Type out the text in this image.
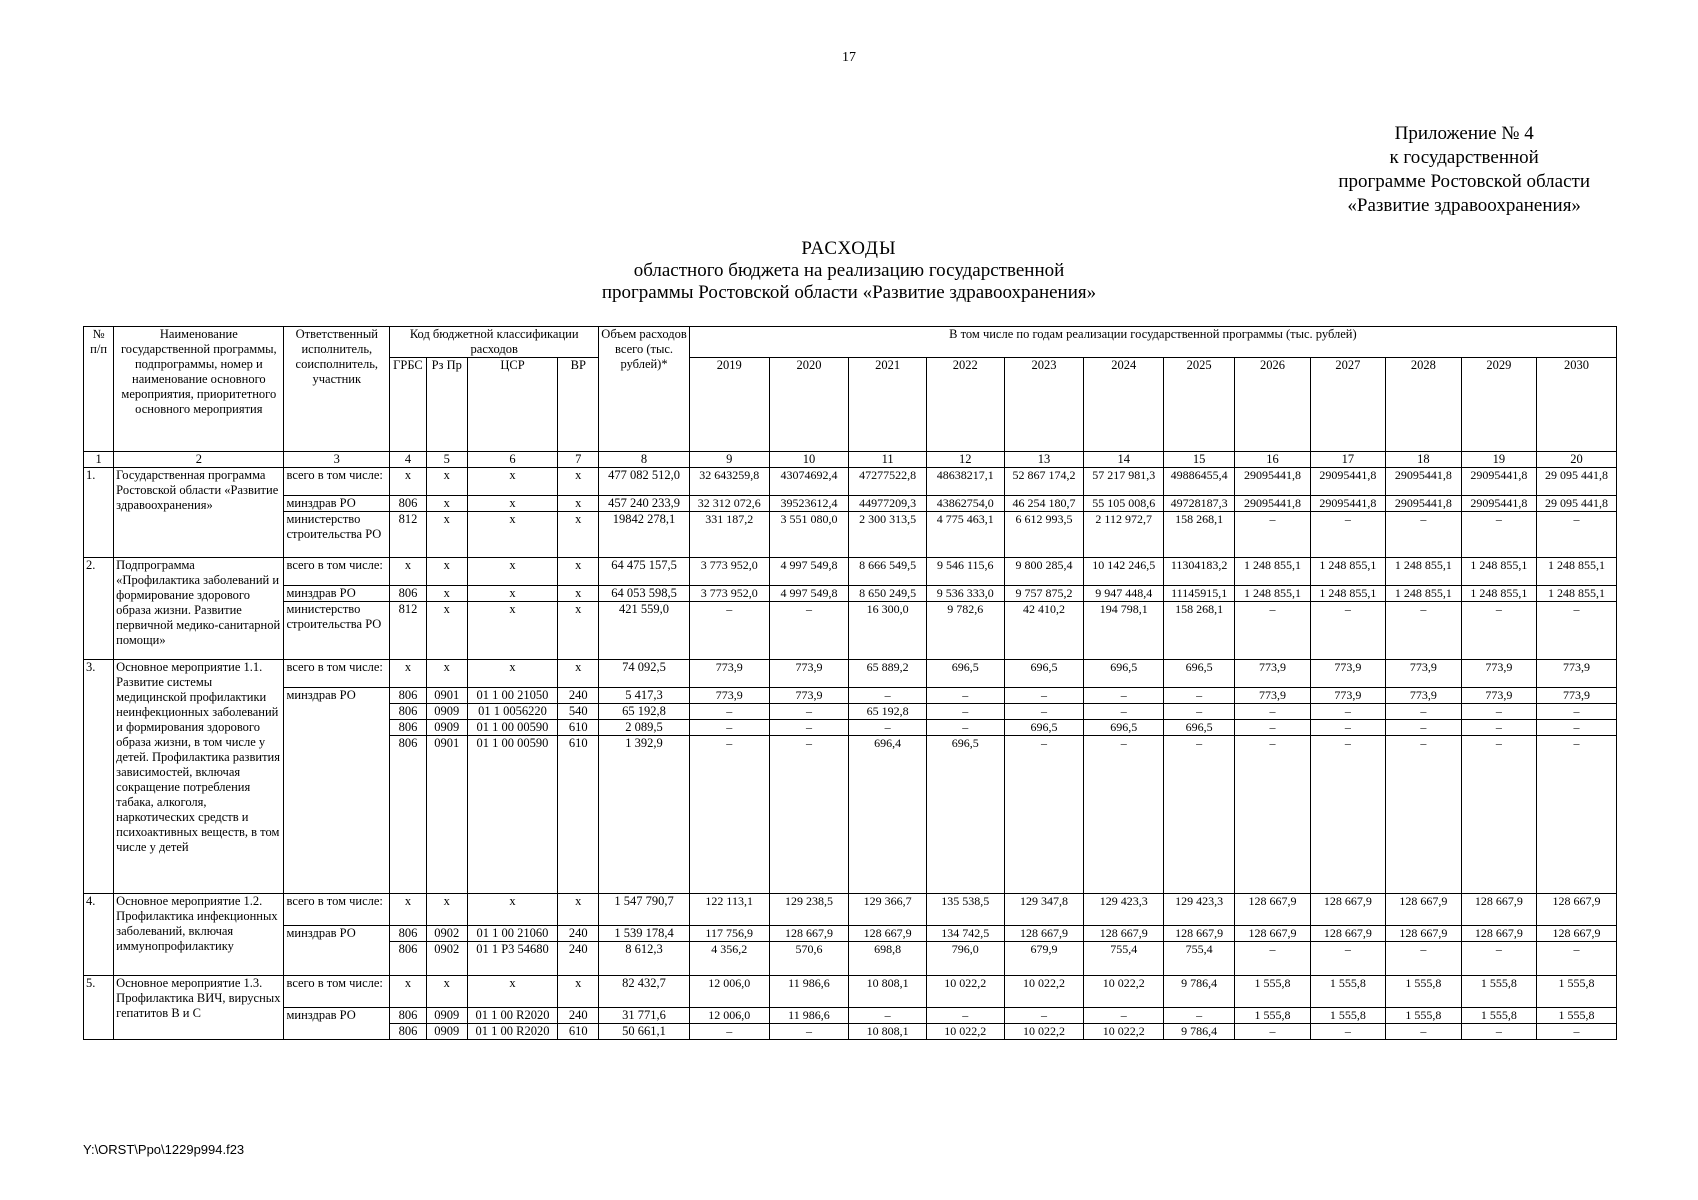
17
Приложение № 4
к государственной
программе Ростовской области
«Развитие здравоохранения»
РАСХОДЫ
областного бюджета на реализацию государственной
программы Ростовской области «Развитие здравоохранения»
№ п/п	Наименование государственной программы, подпрограммы, номер и наименование основного мероприятия, приоритетного основного мероприятия	Ответственный исполнитель, соисполнитель, участник	Код бюджетной классификации расходов				Объем расходов всего (тыс. рублей)*	В том числе по годам реализации государственной программы (тыс. рублей)											
			ГРБС	Рз Пр	ЦСР	ВР		2019	2020	2021	2022	2023	2024	2025	2026	2027	2028	2029	2030
1	2	3	4	5	6	7	8	9	10	11	12	13	14	15	16	17	18	19	20
1.	Государственная программа Ростовской области «Развитие здравоохранения»	всего в том числе:	x	x	x	x	477 082 512,0	32 643259,8	43074692,4	47277522,8	48638217,1	52 867 174,2	57 217 981,3	49886455,4	29095441,8	29095441,8	29095441,8	29095441,8	29 095 441,8
		минздрав РО	806	x	x	x	457 240 233,9	32 312 072,6	39523612,4	44977209,3	43862754,0	46 254 180,7	55 105 008,6	49728187,3	29095441,8	29095441,8	29095441,8	29095441,8	29 095 441,8
		министерство строительства РО	812	x	x	x	19842 278,1	331 187,2	3 551 080,0	2 300 313,5	4 775 463,1	6 612 993,5	2 112 972,7	158 268,1	–	–	–	–	–
2.	Подпрограмма «Профилактика заболеваний и формирование здорового образа жизни. Развитие первичной медико-санитарной помощи»	всего в том числе:	x	x	x	x	64 475 157,5	3 773 952,0	4 997 549,8	8 666 549,5	9 546 115,6	9 800 285,4	10 142 246,5	11304183,2	1 248 855,1	1 248 855,1	1 248 855,1	1 248 855,1	1 248 855,1
		минздрав РО	806	x	x	x	64 053 598,5	3 773 952,0	4 997 549,8	8 650 249,5	9 536 333,0	9 757 875,2	9 947 448,4	11145915,1	1 248 855,1	1 248 855,1	1 248 855,1	1 248 855,1	1 248 855,1
		министерство строительства РО	812	x	x	x	421 559,0	–	–	16 300,0	9 782,6	42 410,2	194 798,1	158 268,1	–	–	–	–	–
3.	Основное мероприятие 1.1. Развитие системы медицинской профилактики неинфекционных заболеваний и формирования здорового образа жизни, в том числе у детей. Профилактика развития зависимостей, включая сокращение потребления табака, алкоголя, наркотических средств и психоактивных веществ, в том числе у детей	всего в том числе:	x	x	x	x	74 092,5	773,9	773,9	65 889,2	696,5	696,5	696,5	696,5	773,9	773,9	773,9	773,9	773,9
		минздрав РО	806	0901	01 1 00 21050	240	5 417,3	773,9	773,9	–	–	–	–	–	773,9	773,9	773,9	773,9	773,9
			806	0909	01 1 0056220	540	65 192,8	–	–	65 192,8	–	–	–	–	–	–	–	–	–
			806	0909	01 1 00 00590	610	2 089,5	–	–	–	–	696,5	696,5	696,5	–	–	–	–	–
			806	0901	01 1 00 00590	610	1 392,9	–	–	696,4	696,5	–	–	–	–	–	–	–	–
4.	Основное мероприятие 1.2. Профилактика инфекционных заболеваний, включая иммунопрофилактику	всего в том числе:	x	x	x	x	1 547 790,7	122 113,1	129 238,5	129 366,7	135 538,5	129 347,8	129 423,3	129 423,3	128 667,9	128 667,9	128 667,9	128 667,9	128 667,9
		минздрав РО	806	0902	01 1 00 21060	240	1 539 178,4	117 756,9	128 667,9	128 667,9	134 742,5	128 667,9	128 667,9	128 667,9	128 667,9	128 667,9	128 667,9	128 667,9	128 667,9
			806	0902	01 1 P3 54680	240	8 612,3	4 356,2	570,6	698,8	796,0	679,9	755,4	755,4	–	–	–	–	–
5.	Основное мероприятие 1.3. Профилактика ВИЧ, вирусных гепатитов В и С	всего в том числе:	x	x	x	x	82 432,7	12 006,0	11 986,6	10 808,1	10 022,2	10 022,2	10 022,2	9 786,4	1 555,8	1 555,8	1 555,8	1 555,8	1 555,8
		минздрав РО	806	0909	01 1 00 R2020	240	31 771,6	12 006,0	11 986,6	–	–	–	–	–	1 555,8	1 555,8	1 555,8	1 555,8	1 555,8
			806	0909	01 1 00 R2020	610	50 661,1	–	–	10 808,1	10 022,2	10 022,2	10 022,2	9 786,4	–	–	–	–	–
Y:\ORST\Ppo\1229p994.f23
